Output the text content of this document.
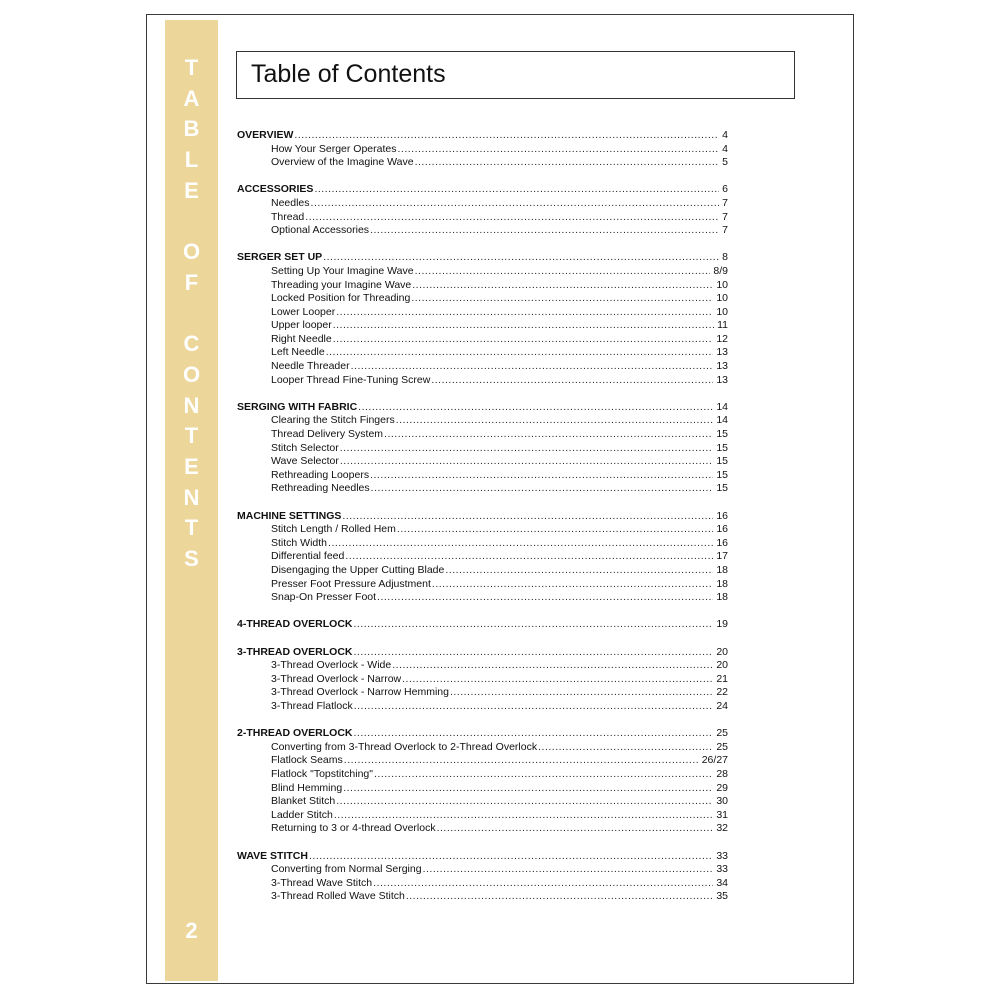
T
A
B
L
E
O
F
C
O
N
T
E
N
T
S
2
Table of Contents
OVERVIEW .....	4
How Your Serger Operates .....	4
Overview of the Imagine Wave .....	5
ACCESSORIES .....	6
Needles .....	7
Thread .....	7
Optional Accessories .....	7
SERGER SET UP .....	8
Setting Up Your Imagine Wave .....	8/9
Threading your Imagine Wave .....	10
Locked Position for Threading .....	10
Lower Looper .....	10
Upper looper .....	11
Right Needle .....	12
Left Needle .....	13
Needle Threader .....	13
Looper Thread Fine-Tuning Screw .....	13
SERGING WITH FABRIC .....	14
Clearing the Stitch Fingers .....	14
Thread Delivery System .....	15
Stitch Selector .....	15
Wave Selector .....	15
Rethreading Loopers .....	15
Rethreading Needles .....	15
MACHINE SETTINGS .....	16
Stitch Length / Rolled Hem .....	16
Stitch Width .....	16
Differential feed .....	17
Disengaging the Upper Cutting Blade .....	18
Presser Foot Pressure Adjustment .....	18
Snap-On Presser Foot .....	18
4-THREAD OVERLOCK .....	19
3-THREAD OVERLOCK .....	20
3-Thread Overlock - Wide .....	20
3-Thread Overlock - Narrow .....	21
3-Thread Overlock - Narrow Hemming .....	22
3-Thread Flatlock .....	24
2-THREAD OVERLOCK .....	25
Converting from 3-Thread Overlock to 2-Thread Overlock .....	25
Flatlock Seams .....	26/27
Flatlock "Topstitching" .....	28
Blind Hemming .....	29
Blanket Stitch .....	30
Ladder Stitch .....	31
Returning to 3 or 4-thread Overlock .....	32
WAVE STITCH .....	33
Converting from Normal Serging .....	33
3-Thread Wave Stitch .....	34
3-Thread Rolled Wave Stitch .....	35
